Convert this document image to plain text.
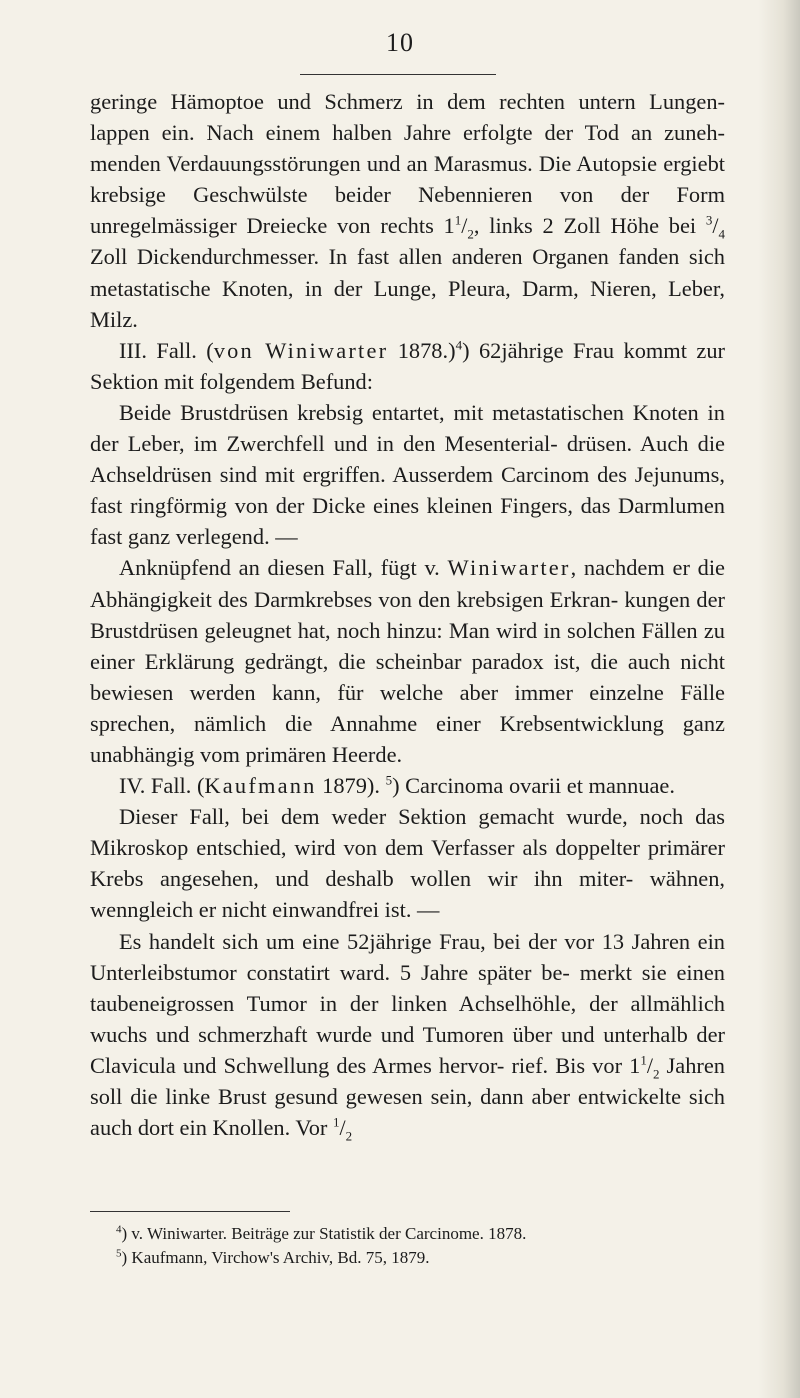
10

geringe Hämoptoe und Schmerz in dem rechten untern Lungen- lappen ein. Nach einem halben Jahre erfolgte der Tod an zuneh- menden Verdauungsstörungen und an Marasmus. Die Autopsie ergiebt krebsige Geschwülste beider Nebennieren von der Form unregelmässiger Dreiecke von rechts $1^1/_2$, links 2 Zoll Höhe bei $^3/_4$ Zoll Dickendurchmesser. In fast allen anderen Organen fanden sich metastatische Knoten, in der Lunge, Pleura, Darm, Nieren, Leber, Milz.

III. Fall. (von Winiwarter 1878.)$^4$) 62jährige Frau kommt zur Sektion mit folgendem Befund:

Beide Brustdrüsen krebsig entartet, mit metastatischen Knoten in der Leber, im Zwerchfell und in den Mesenterial- drüsen. Auch die Achseldrüsen sind mit ergriffen. Ausserdem Carcinom des Jejunums, fast ringförmig von der Dicke eines kleinen Fingers, das Darmlumen fast ganz verlegend. —

Anknüpfend an diesen Fall, fügt v. Winiwarter, nachdem er die Abhängigkeit des Darmkrebses von den krebsigen Erkran- kungen der Brustdrüsen geleugnet hat, noch hinzu: Man wird in solchen Fällen zu einer Erklärung gedrängt, die scheinbar paradox ist, die auch nicht bewiesen werden kann, für welche aber immer einzelne Fälle sprechen, nämlich die Annahme einer Krebsentwicklung ganz unabhängig vom primären Heerde.

IV. Fall. (Kaufmann 1879). $^5$) Carcinoma ovarii et mannuae.

Dieser Fall, bei dem weder Sektion gemacht wurde, noch das Mikroskop entschied, wird von dem Verfasser als doppelter primärer Krebs angesehen, und deshalb wollen wir ihn miter- wähnen, wenngleich er nicht einwandfrei ist. —

Es handelt sich um eine 52jährige Frau, bei der vor 13 Jahren ein Unterleibstumor constatirt ward. 5 Jahre später be- merkt sie einen taubeneigrossen Tumor in der linken Achselhöhle, der allmählich wuchs und schmerzhaft wurde und Tumoren über und unterhalb der Clavicula und Schwellung des Armes hervor- rief. Bis vor $1^1/_2$ Jahren soll die linke Brust gesund gewesen sein, dann aber entwickelte sich auch dort ein Knollen. Vor $^1/_2$

$^4$) v. Winiwarter. Beiträge zur Statistik der Carcinome. 1878.

$^5$) Kaufmann, Virchow's Archiv, Bd. 75, 1879.
